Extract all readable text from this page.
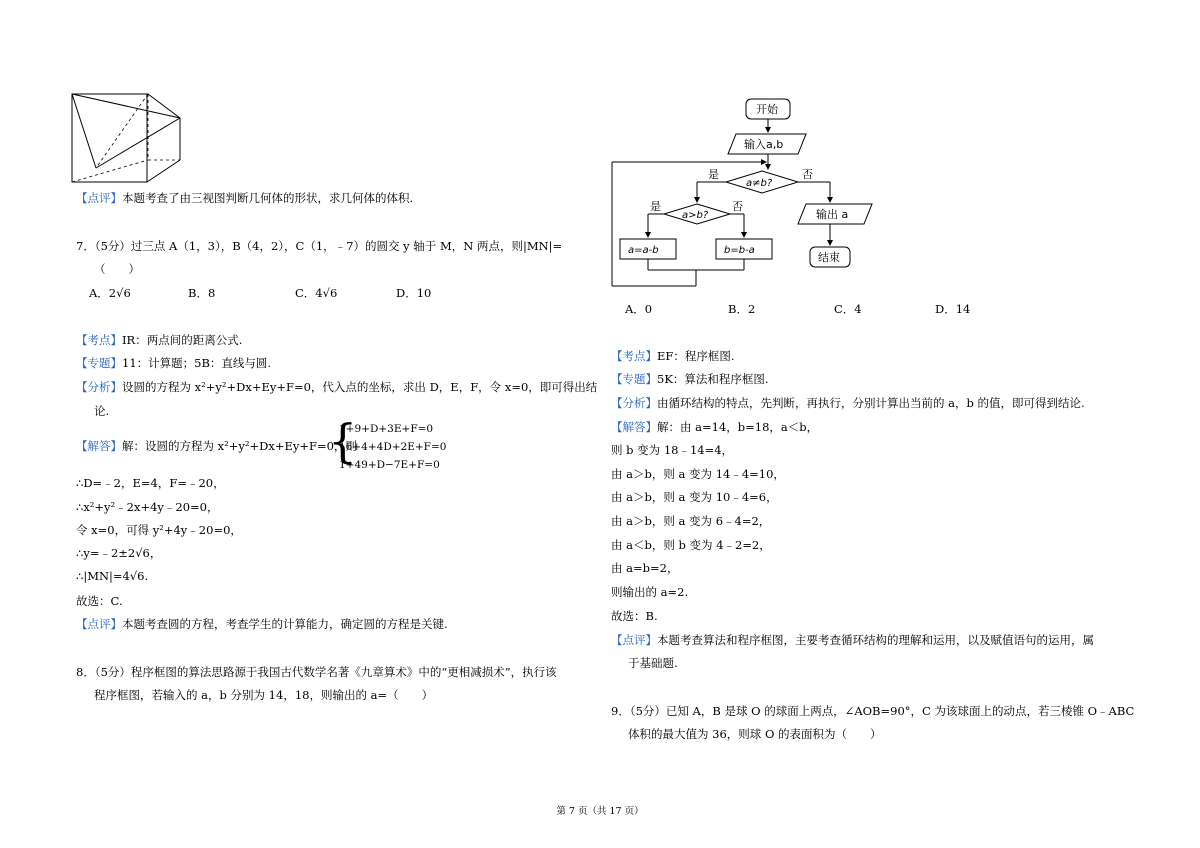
【点评】本题考查了由三视图判断几何体的形状，求几何体的体积.
7．（5分）过三点 A（1，3），B（4，2），C（1，﹣7）的圆交 y 轴于 M，N 两点，则|MN|=
（　　）
A．2√6	B．8	C．4√6	D．10
【考点】IR：两点间的距离公式.
【专题】11：计算题；5B：直线与圆.
【分析】设圆的方程为 x²+y²+Dx+Ey+F=0，代入点的坐标，求出 D，E，F，令 x=0，即可得出结
论.
【解答】解：设圆的方程为 x²+y²+Dx+Ey+F=0，则
{
1+9+D+3E+F=0
16+4+4D+2E+F=0
1+49+D−7E+F=0
∴D=﹣2，E=4，F=﹣20，
∴x²+y²﹣2x+4y﹣20=0，
令 x=0，可得 y²+4y﹣20=0，
∴y=﹣2±2√6，
∴|MN|=4√6.
故选：C.
【点评】本题考查圆的方程，考查学生的计算能力，确定圆的方程是关键.
8．（5分）程序框图的算法思路源于我国古代数学名著《九章算术》中的“更相减损术”，执行该
程序框图，若输入的 a，b 分别为 14，18，则输出的 a=（　　）
开始
输入a,b
a≠b?
是	否
a>b?
是	否
a=a-b	b=b-a
输出 a
结束
A．0	B．2	C．4	D．14
【考点】EF：程序框图.
【专题】5K：算法和程序框图.
【分析】由循环结构的特点，先判断，再执行，分别计算出当前的 a，b 的值，即可得到结论.
【解答】解：由 a=14，b=18，a＜b，
则 b 变为 18﹣14=4，
由 a＞b，则 a 变为 14﹣4=10，
由 a＞b，则 a 变为 10﹣4=6，
由 a＞b，则 a 变为 6﹣4=2，
由 a＜b，则 b 变为 4﹣2=2，
由 a=b=2，
则输出的 a=2.
故选：B.
【点评】本题考查算法和程序框图，主要考查循环结构的理解和运用，以及赋值语句的运用，属
于基础题.
9．（5分）已知 A，B 是球 O 的球面上两点，∠AOB=90°，C 为该球面上的动点，若三棱锥 O﹣ABC
体积的最大值为 36，则球 O 的表面积为（　　）
第 7 页（共 17 页）
